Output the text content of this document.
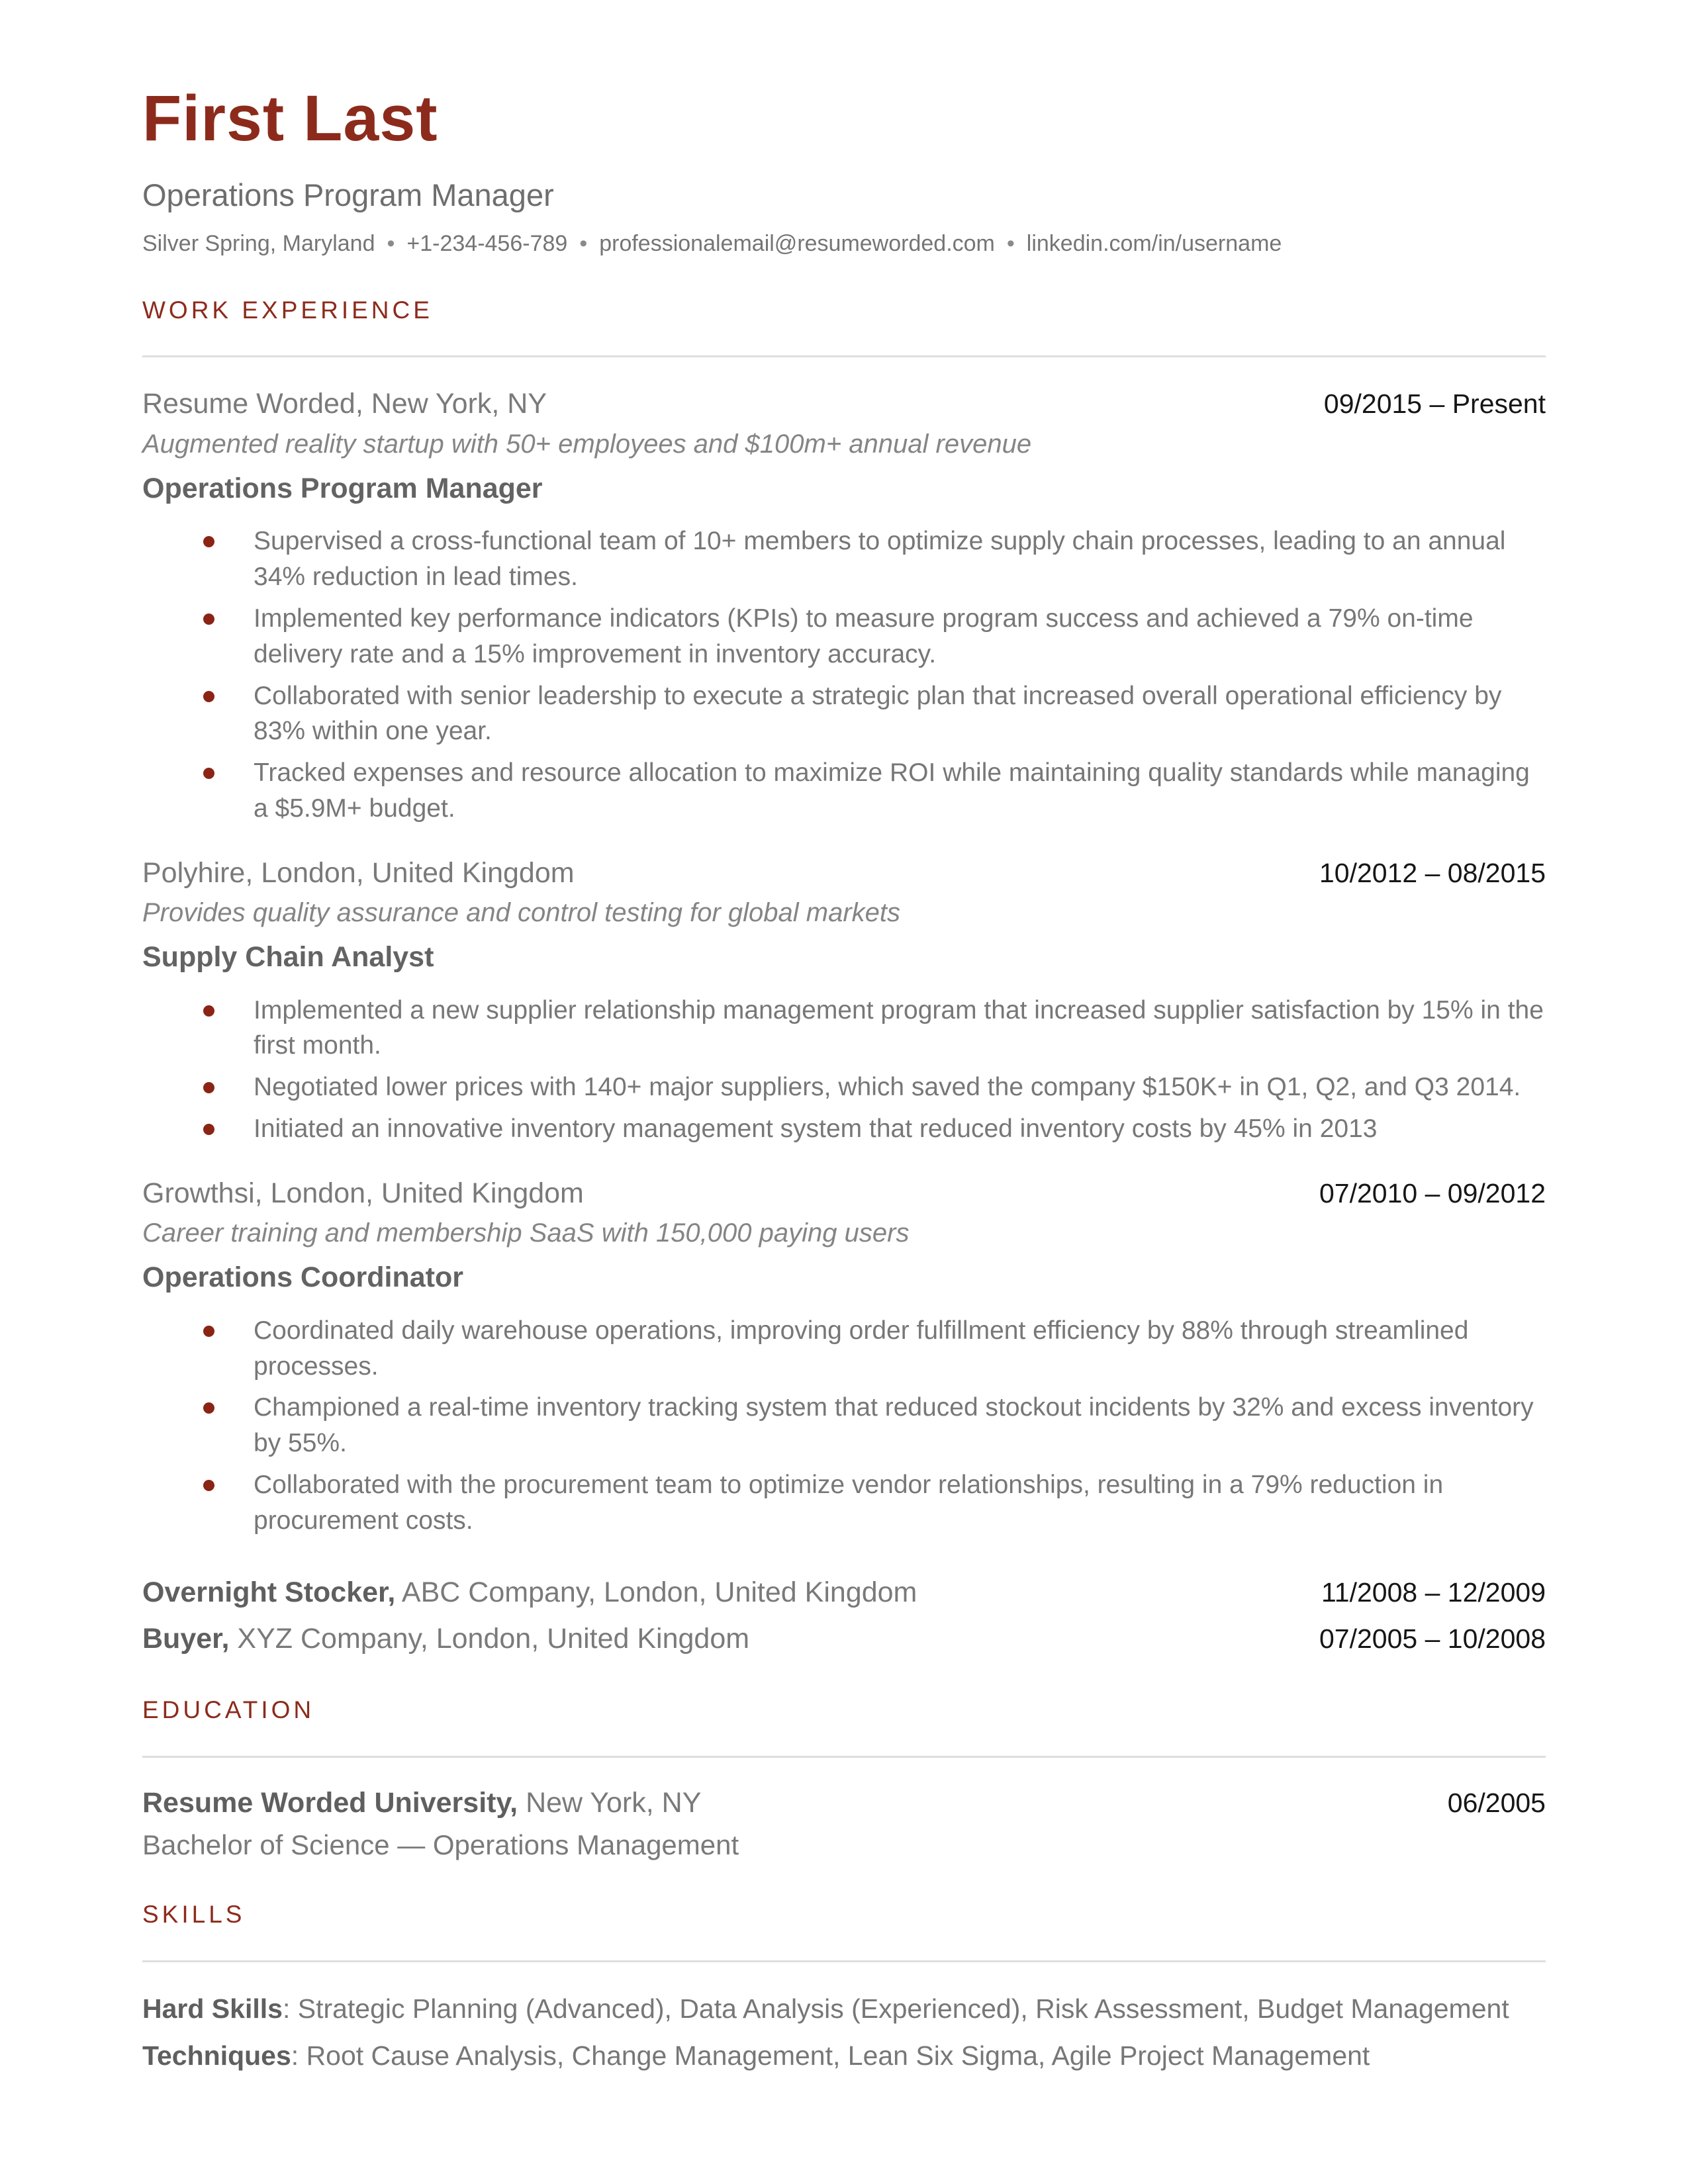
First Last
Operations Program Manager
Silver Spring, Maryland • +1-234-456-789 • professionalemail@resumeworded.com • linkedin.com/in/username
WORK EXPERIENCE
Resume Worded, New York, NY	09/2015 – Present
Augmented reality startup with 50+ employees and $100m+ annual revenue
Operations Program Manager
Supervised a cross-functional team of 10+ members to optimize supply chain processes, leading to an annual 34% reduction in lead times.
Implemented key performance indicators (KPIs) to measure program success and achieved a 79% on-time delivery rate and a 15% improvement in inventory accuracy.
Collaborated with senior leadership to execute a strategic plan that increased overall operational efficiency by 83% within one year.
Tracked expenses and resource allocation to maximize ROI while maintaining quality standards while managing a $5.9M+ budget.
Polyhire, London, United Kingdom	10/2012 – 08/2015
Provides quality assurance and control testing for global markets
Supply Chain Analyst
Implemented a new supplier relationship management program that increased supplier satisfaction by 15% in the first month.
Negotiated lower prices with 140+ major suppliers, which saved the company $150K+ in Q1, Q2, and Q3 2014.
Initiated an innovative inventory management system that reduced inventory costs by 45% in 2013
Growthsi, London, United Kingdom	07/2010 – 09/2012
Career training and membership SaaS with 150,000 paying users
Operations Coordinator
Coordinated daily warehouse operations, improving order fulfillment efficiency by 88% through streamlined processes.
Championed a real-time inventory tracking system that reduced stockout incidents by 32% and excess inventory by 55%.
Collaborated with the procurement team to optimize vendor relationships, resulting in a 79% reduction in procurement costs.
Overnight Stocker, ABC Company, London, United Kingdom	11/2008 – 12/2009
Buyer, XYZ Company, London, United Kingdom	07/2005 – 10/2008
EDUCATION
Resume Worded University, New York, NY	06/2005
Bachelor of Science — Operations Management
SKILLS
Hard Skills: Strategic Planning (Advanced), Data Analysis (Experienced), Risk Assessment, Budget Management
Techniques: Root Cause Analysis, Change Management, Lean Six Sigma, Agile Project Management
